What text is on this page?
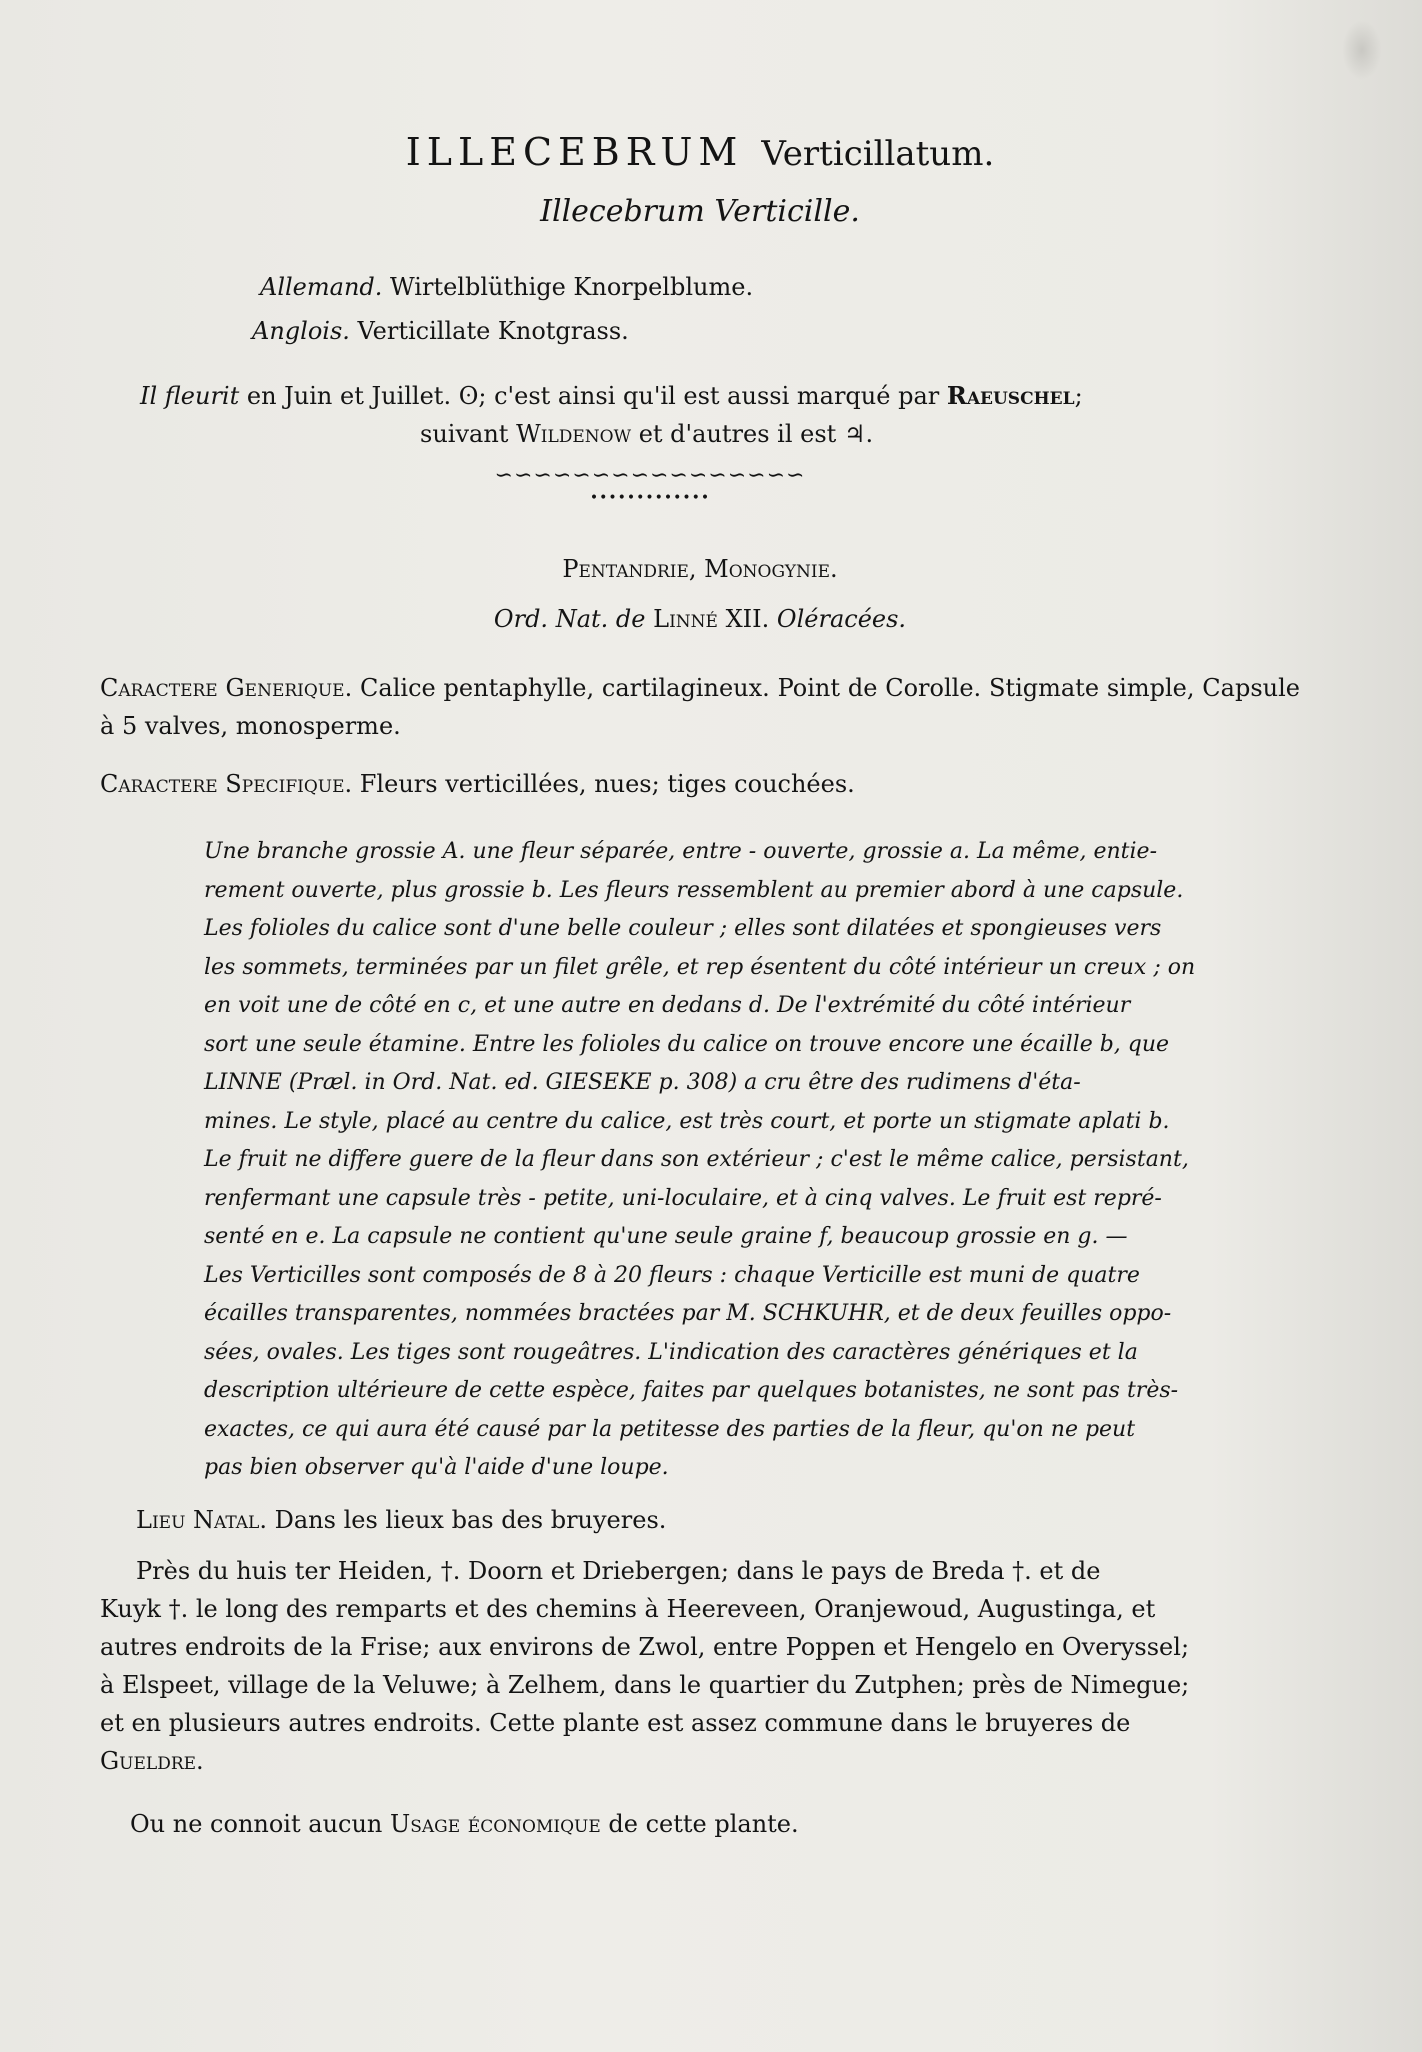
ILLECEBRUM Verticillatum.
Illecebrum Verticille.
Allemand. Wirtelblüthige Knorpelblume.
Anglois. Verticillate Knotgrass.
Il fleurit en Juin et Juillet. ʘ; c'est ainsi qu'il est aussi marqué par Raeuschel;
suivant Wildenow et d'autres il est ♃.
∽∽∽∽∽∽∽∽∽∽∽∽∽∽∽∽
•••••••••••••
Pentandrie, Monogynie.
Ord. Nat. de Linné XII. Oléracées.
Caractere Generique. Calice pentaphylle, cartilagineux. Point de Corolle. Stigmate simple, Capsule à 5 valves, monosperme.
Caractere Specifique. Fleurs verticillées, nues; tiges couchées.
Une branche grossie A. une fleur séparée, entre - ouverte, grossie a. La même, entie-
rement ouverte, plus grossie b. Les fleurs ressemblent au premier abord à une capsule.
Les folioles du calice sont d'une belle couleur ; elles sont dilatées et spongieuses vers
les sommets, terminées par un filet grêle, et rep ésentent du côté intérieur un creux ; on
en voit une de côté en c, et une autre en dedans d. De l'extrémité du côté intérieur
sort une seule étamine. Entre les folioles du calice on trouve encore une écaille b, que
LINNE (Præl. in Ord. Nat. ed. GIESEKE p. 308) a cru être des rudimens d'éta-
mines. Le style, placé au centre du calice, est très court, et porte un stigmate aplati b.
Le fruit ne differe guere de la fleur dans son extérieur ; c'est le même calice, persistant,
renfermant une capsule très - petite, uni-loculaire, et à cinq valves. Le fruit est repré-
senté en e. La capsule ne contient qu'une seule graine f, beaucoup grossie en g. —
Les Verticilles sont composés de 8 à 20 fleurs : chaque Verticille est muni de quatre
écailles transparentes, nommées bractées par M. SCHKUHR, et de deux feuilles oppo-
sées, ovales. Les tiges sont rougeâtres. L'indication des caractères génériques et la
description ultérieure de cette espèce, faites par quelques botanistes, ne sont pas très-
exactes, ce qui aura été causé par la petitesse des parties de la fleur, qu'on ne peut
pas bien observer qu'à l'aide d'une loupe.
Lieu Natal. Dans les lieux bas des bruyeres.
Près du huis ter Heiden, †. Doorn et Driebergen; dans le pays de Breda †. et de
Kuyk †. le long des remparts et des chemins à Heereveen, Oranjewoud, Augustinga, et
autres endroits de la Frise; aux environs de Zwol, entre Poppen et Hengelo en Overyssel;
à Elspeet, village de la Veluwe; à Zelhem, dans le quartier du Zutphen; près de Nimegue;
et en plusieurs autres endroits. Cette plante est assez commune dans le bruyeres de
Gueldre.
Ou ne connoit aucun Usage économique de cette plante.
